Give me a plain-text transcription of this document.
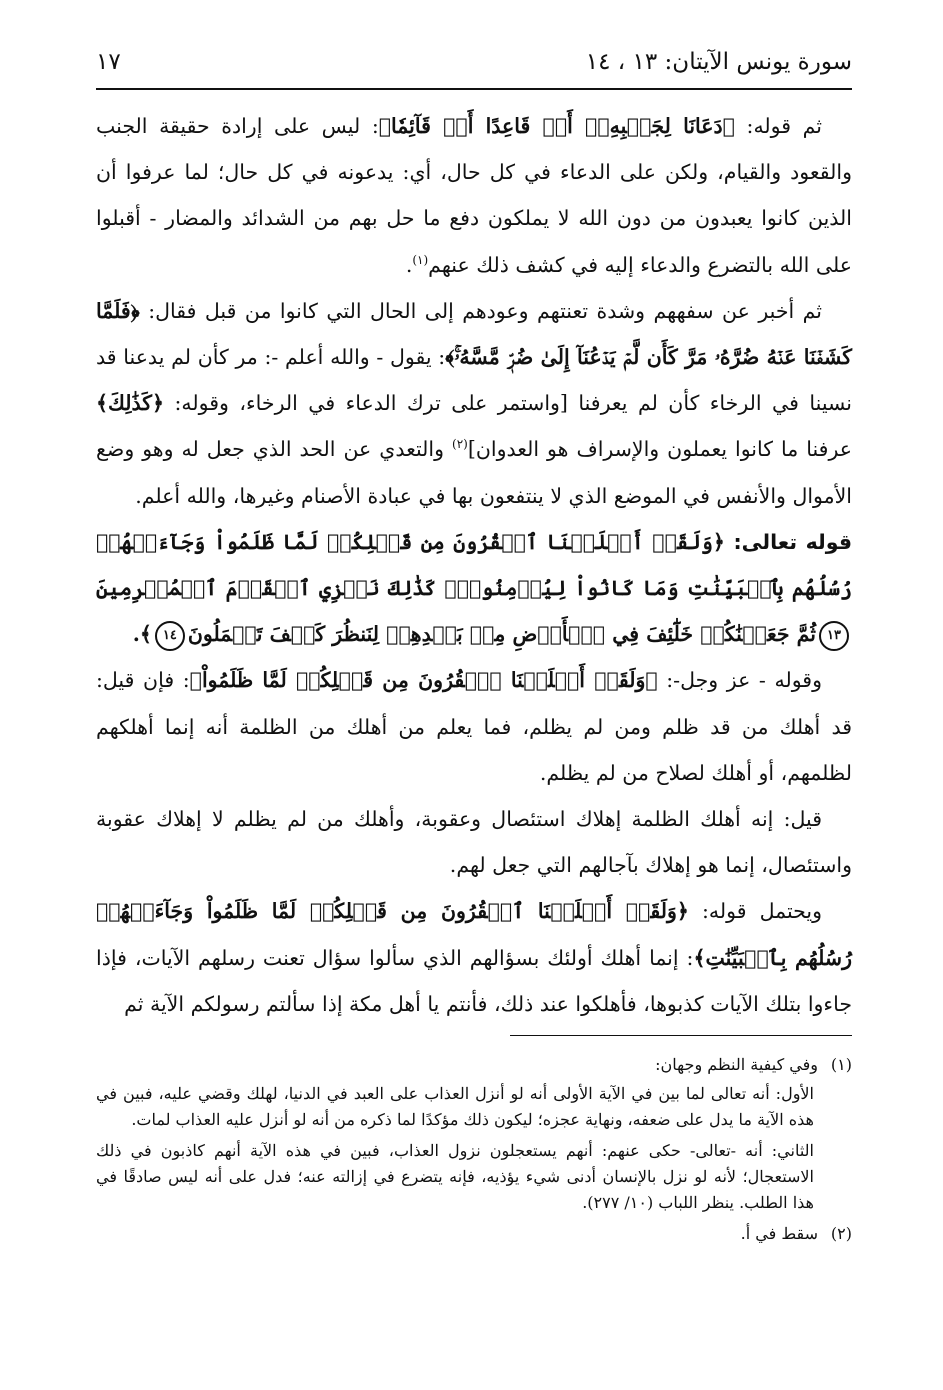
سورة يونس الآيتان: ١٣ ، ١٤
١٧

ثم قوله: ﴿دَعَانَا لِجَنۢبِهِۦٓ أَوۡ قَاعِدًا أَوۡ قَآئِمٗا﴾: ليس على إرادة حقيقة الجنب والقعود والقيام، ولكن على الدعاء في كل حال، أي: يدعونه في كل حال؛ لما عرفوا أن الذين كانوا يعبدون من دون الله لا يملكون دفع ما حل بهم من الشدائد والمضار - أقبلوا على الله بالتضرع والدعاء إليه في كشف ذلك عنهم$^{(١)}$.

ثم أخبر عن سفههم وشدة تعنتهم وعودهم إلى الحال التي كانوا من قبل فقال: ﴿فَلَمَّا كَشَفۡنَا عَنۡهُ ضُرَّهُۥ مَرَّ كَأَن لَّمۡ يَدۡعُنَآ إِلَىٰ ضُرّٖ مَّسَّهُۥۚ﴾: يقول - والله أعلم -: مر كأن لم يدعنا قد نسينا في الرخاء كأن لم يعرفنا [واستمر على ترك الدعاء في الرخاء، وقوله: ﴿كَذَٰلِكَ﴾ عرفنا ما كانوا يعملون والإسراف هو العدوان]$^{(٢)}$ والتعدي عن الحد الذي جعل له وهو وضع الأموال والأنفس في الموضع الذي لا ينتفعون بها في عبادة الأصنام وغيرها، والله أعلم.

قوله تعالى: ﴿وَلَقَدۡ أَهۡلَكۡنَا ٱلۡقُرُونَ مِن قَبۡلِكُمۡ لَمَّا ظَلَمُواْ وَجَآءَتۡهُمۡ رُسُلُهُم بِٱلۡبَيِّنَٰتِ وَمَا كَانُواْ لِيُؤۡمِنُواْۚ كَذَٰلِكَ نَجۡزِي ٱلۡقَوۡمَ ٱلۡمُجۡرِمِينَ١٣ثُمَّ جَعَلۡنَٰكُمۡ خَلَٰٓئِفَ فِي ٱلۡأَرۡضِ مِنۢ بَعۡدِهِمۡ لِنَنظُرَ كَيۡفَ تَعۡمَلُونَ١٤﴾.

وقوله - عز وجل-: ﴿وَلَقَدۡ أَهۡلَكۡنَا ٱلۡقُرُونَ مِن قَبۡلِكُمۡ لَمَّا ظَلَمُواْ﴾: فإن قيل: قد أهلك من قد ظلم ومن لم يظلم، فما يعلم من أهلك من الظلمة أنه إنما أهلكهم لظلمهم، أو أهلك لصلاح من لم يظلم.

قيل: إنه أهلك الظلمة إهلاك استئصال وعقوبة، وأهلك من لم يظلم لا إهلاك عقوبة واستئصال، إنما هو إهلاك بآجالهم التي جعل لهم.

ويحتمل قوله: ﴿وَلَقَدۡ أَهۡلَكۡنَا ٱلۡقُرُونَ مِن قَبۡلِكُمۡ لَمَّا ظَلَمُواْ وَجَآءَتۡهُمۡ رُسُلُهُم بِٱلۡبَيِّنَٰتِ﴾: إنما أهلك أولئك بسؤالهم الذي سألوا سؤال تعنت رسلهم الآيات، فإذا جاءوا بتلك الآيات كذبوها، فأهلكوا عند ذلك، فأنتم يا أهل مكة إذا سألتم رسولكم الآية ثم

(١)وفي كيفية النظم وجهان:

الأول: أنه تعالى لما بين في الآية الأولى أنه لو أنزل العذاب على العبد في الدنيا، لهلك وقضي عليه، فبين في هذه الآية ما يدل على ضعفه، ونهاية عجزه؛ ليكون ذلك مؤكدًا لما ذكره من أنه لو أنزل عليه العذاب لمات.

الثاني: أنه -تعالى- حكى عنهم: أنهم يستعجلون نزول العذاب، فبين في هذه الآية أنهم كاذبون في ذلك الاستعجال؛ لأنه لو نزل بالإنسان أدنى شيء يؤذيه، فإنه يتضرع في إزالته عنه؛ فدل على أنه ليس صادقًا في هذا الطلب. ينظر اللباب (١٠/ ٢٧٧).

(٢)سقط في أ.
